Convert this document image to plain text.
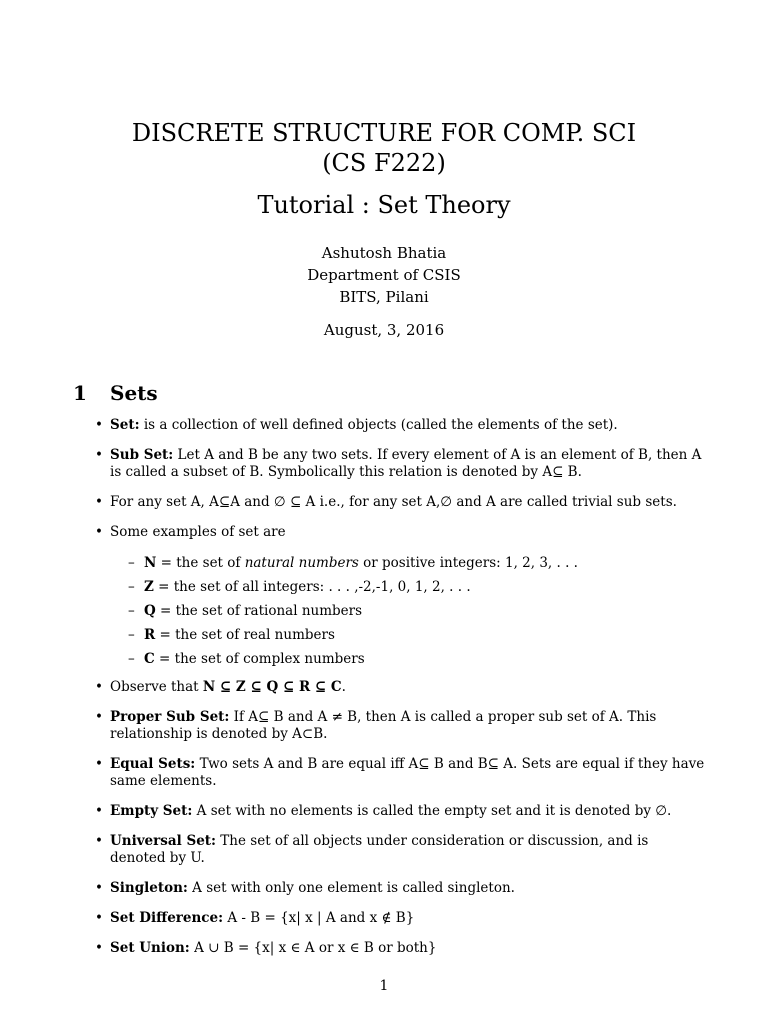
DISCRETE STRUCTURE FOR COMP. SCI
(CS F222)
Tutorial : Set Theory
Ashutosh Bhatia
Department of CSIS
BITS, Pilani
August, 3, 2016
1 Sets
• Set: is a collection of well defined objects (called the elements of the set).
• Sub Set: Let A and B be any two sets. If every element of A is an element of B, then A is called a subset of B. Symbolically this relation is denoted by A⊆ B.
• For any set A, A⊆A and ∅ ⊆ A i.e., for any set A,∅ and A are called trivial sub sets.
• Some examples of set are
– N = the set of natural numbers or positive integers: 1, 2, 3, . . .
– Z = the set of all integers: . . . ,-2,-1, 0, 1, 2, . . .
– Q = the set of rational numbers
– R = the set of real numbers
– C = the set of complex numbers
• Observe that N ⊆ Z ⊆ Q ⊆ R ⊆ C.
• Proper Sub Set: If A⊆ B and A ≠ B, then A is called a proper sub set of A. This relationship is denoted by A⊂B.
• Equal Sets: Two sets A and B are equal iff A⊆ B and B⊆ A. Sets are equal if they have same elements.
• Empty Set: A set with no elements is called the empty set and it is denoted by ∅.
• Universal Set: The set of all objects under consideration or discussion, and is denoted by U.
• Singleton: A set with only one element is called singleton.
• Set Difference: A - B = {x| x | A and x ∉ B}
• Set Union: A ∪ B = {x| x ∈ A or x ∈ B or both}
1
